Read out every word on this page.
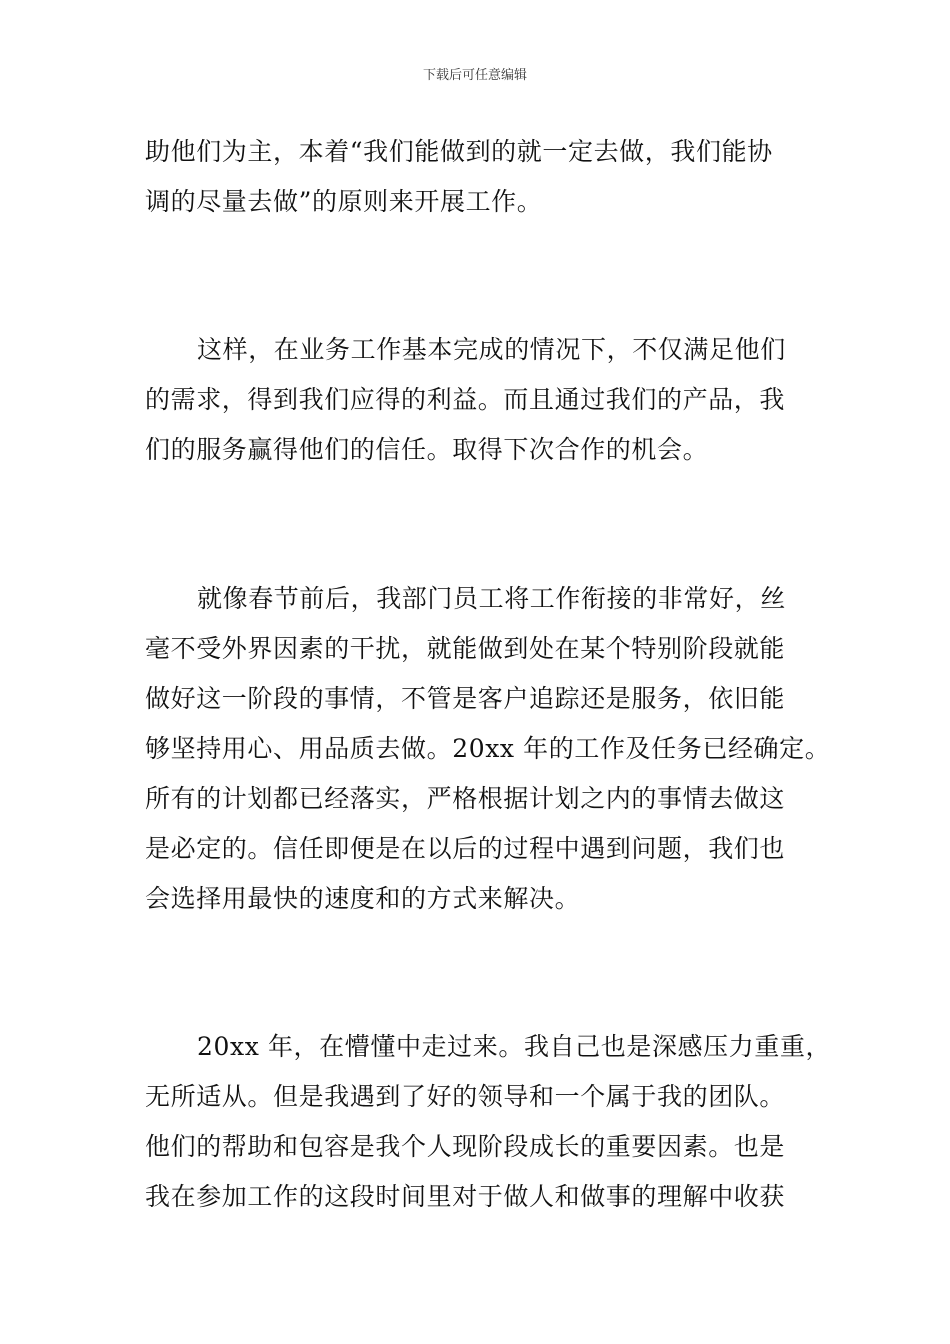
下载后可任意编辑
助他们为主，本着“我们能做到的就一定去做，我们能协
调的尽量去做”的原则来开展工作。
这样，在业务工作基本完成的情况下，不仅满足他们
的需求，得到我们应得的利益。而且通过我们的产品，我
们的服务赢得他们的信任。取得下次合作的机会。
就像春节前后，我部门员工将工作衔接的非常好，丝
毫不受外界因素的干扰，就能做到处在某个特别阶段就能
做好这一阶段的事情，不管是客户追踪还是服务，依旧能
够坚持用心、用品质去做。20xx 年的工作及任务已经确定。
所有的计划都已经落实，严格根据计划之内的事情去做这
是必定的。信任即便是在以后的过程中遇到问题，我们也
会选择用最快的速度和的方式来解决。
20xx 年，在懵懂中走过来。我自己也是深感压力重重，
无所适从。但是我遇到了好的领导和一个属于我的团队。
他们的帮助和包容是我个人现阶段成长的重要因素。也是
我在参加工作的这段时间里对于做人和做事的理解中收获
